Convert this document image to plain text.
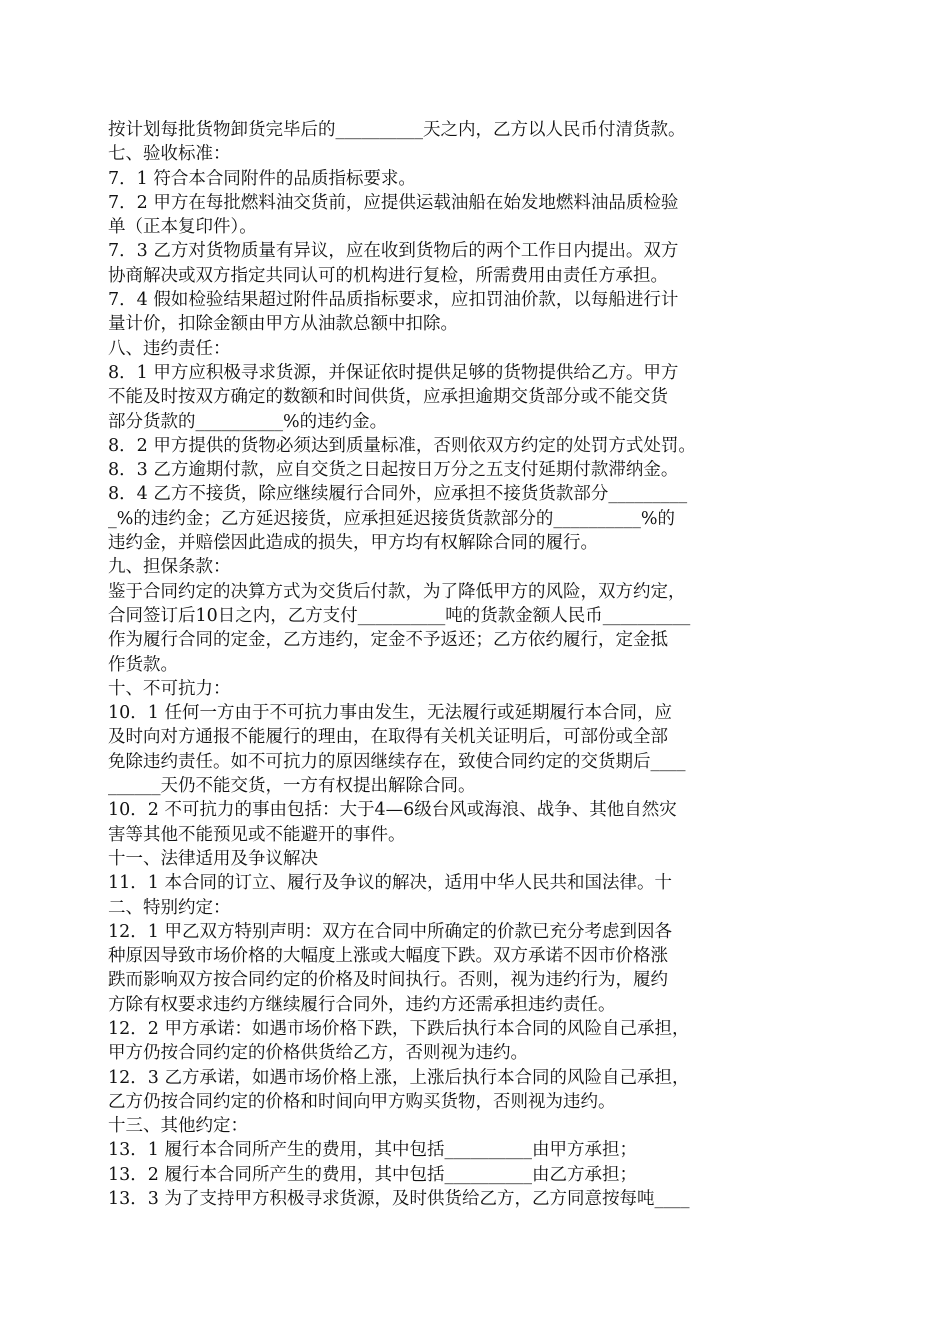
按计划每批货物卸货完毕后的__________天之内，乙方以人民币付清货款。
七、验收标准：
7．1 符合本合同附件的品质指标要求。
7．2 甲方在每批燃料油交货前，应提供运载油船在始发地燃料油品质检验
单（正本复印件）。
7．3 乙方对货物质量有异议，应在收到货物后的两个工作日内提出。双方
协商解决或双方指定共同认可的机构进行复检，所需费用由责任方承担。
7．4 假如检验结果超过附件品质指标要求，应扣罚油价款，以每船进行计
量计价，扣除金额由甲方从油款总额中扣除。
八、违约责任：
8．1 甲方应积极寻求货源，并保证依时提供足够的货物提供给乙方。甲方
不能及时按双方确定的数额和时间供货，应承担逾期交货部分或不能交货
部分货款的__________%的违约金。
8．2 甲方提供的货物必须达到质量标准，否则依双方约定的处罚方式处罚。
8．3 乙方逾期付款，应自交货之日起按日万分之五支付延期付款滞纳金。
8．4 乙方不接货，除应继续履行合同外，应承担不接货货款部分_________
_%的违约金；乙方延迟接货，应承担延迟接货货款部分的__________%的
违约金，并赔偿因此造成的损失，甲方均有权解除合同的履行。
九、担保条款：
鉴于合同约定的决算方式为交货后付款，为了降低甲方的风险，双方约定，
合同签订后10日之内，乙方支付__________吨的货款金额人民币__________
作为履行合同的定金，乙方违约，定金不予返还；乙方依约履行，定金抵
作货款。
十、不可抗力：
10．1 任何一方由于不可抗力事由发生，无法履行或延期履行本合同，应
及时向对方通报不能履行的理由，在取得有关机关证明后，可部份或全部
免除违约责任。如不可抗力的原因继续存在，致使合同约定的交货期后____
______天仍不能交货，一方有权提出解除合同。
10．2 不可抗力的事由包括：大于4—6级台风或海浪、战争、其他自然灾
害等其他不能预见或不能避开的事件。
十一、法律适用及争议解决
11．1 本合同的订立、履行及争议的解决，适用中华人民共和国法律。十
二、特别约定：
12．1 甲乙双方特别声明：双方在合同中所确定的价款已充分考虑到因各
种原因导致市场价格的大幅度上涨或大幅度下跌。双方承诺不因市价格涨
跌而影响双方按合同约定的价格及时间执行。否则，视为违约行为，履约
方除有权要求违约方继续履行合同外，违约方还需承担违约责任。
12．2 甲方承诺：如遇市场价格下跌，下跌后执行本合同的风险自己承担，
甲方仍按合同约定的价格供货给乙方，否则视为违约。
12．3 乙方承诺，如遇市场价格上涨，上涨后执行本合同的风险自己承担，
乙方仍按合同约定的价格和时间向甲方购买货物，否则视为违约。
十三、其他约定：
13．1 履行本合同所产生的费用，其中包括__________由甲方承担；
13．2 履行本合同所产生的费用，其中包括__________由乙方承担；
13．3 为了支持甲方积极寻求货源，及时供货给乙方，乙方同意按每吨____
